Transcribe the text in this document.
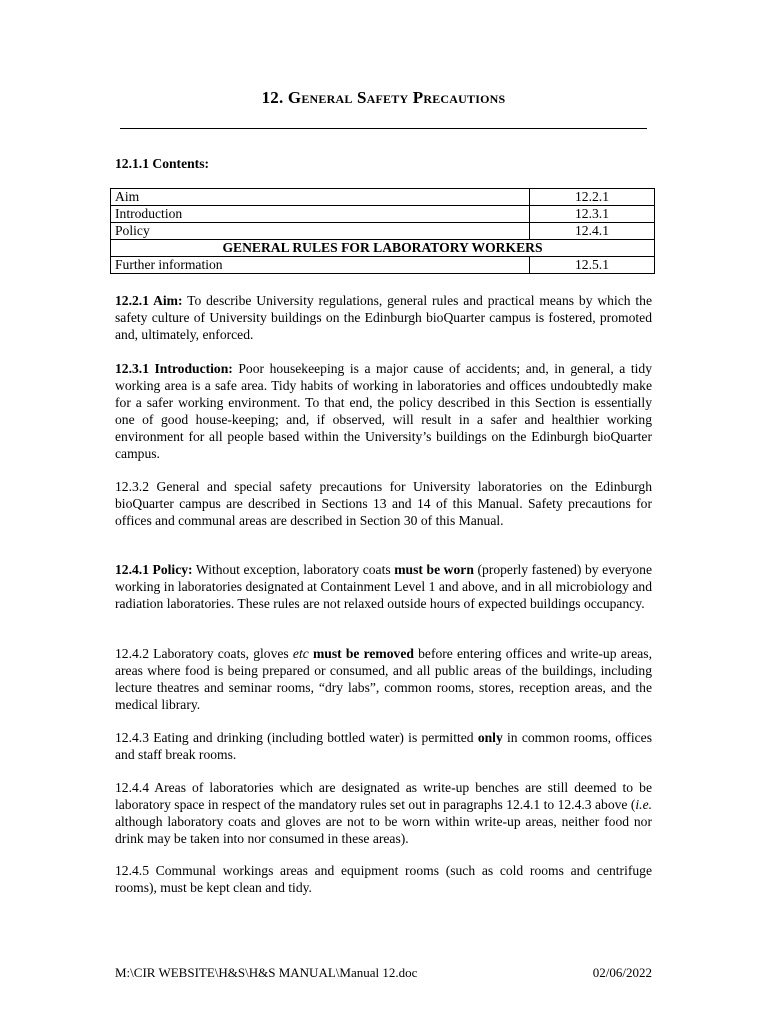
12. General Safety Precautions
12.1.1 Contents:
Aim	12.2.1
Introduction	12.3.1
Policy	12.4.1
GENERAL RULES FOR LABORATORY WORKERS	
Further information	12.5.1

12.2.1 Aim: To describe University regulations, general rules and practical means by which the safety culture of University buildings on the Edinburgh bioQuarter campus is fostered, promoted and, ultimately, enforced.

12.3.1 Introduction: Poor housekeeping is a major cause of accidents; and, in general, a tidy working area is a safe area. Tidy habits of working in laboratories and offices undoubtedly make for a safer working environment. To that end, the policy described in this Section is essentially one of good house-keeping; and, if observed, will result in a safer and healthier working environment for all people based within the University’s buildings on the Edinburgh bioQuarter campus.

12.3.2 General and special safety precautions for University laboratories on the Edinburgh bioQuarter campus are described in Sections 13 and 14 of this Manual. Safety precautions for offices and communal areas are described in Section 30 of this Manual.

12.4.1 Policy: Without exception, laboratory coats must be worn (properly fastened) by everyone working in laboratories designated at Containment Level 1 and above, and in all microbiology and radiation laboratories. These rules are not relaxed outside hours of expected buildings occupancy.

12.4.2 Laboratory coats, gloves etc must be removed before entering offices and write-up areas, areas where food is being prepared or consumed, and all public areas of the buildings, including lecture theatres and seminar rooms, “dry labs”, common rooms, stores, reception areas, and the medical library.

12.4.3 Eating and drinking (including bottled water) is permitted only in common rooms, offices and staff break rooms.

12.4.4 Areas of laboratories which are designated as write-up benches are still deemed to be laboratory space in respect of the mandatory rules set out in paragraphs 12.4.1 to 12.4.3 above (i.e. although laboratory coats and gloves are not to be worn within write-up areas, neither food nor drink may be taken into nor consumed in these areas).

12.4.5 Communal workings areas and equipment rooms (such as cold rooms and centrifuge rooms), must be kept clean and tidy.

M:\CIR WEBSITE\H&S\H&S MANUAL\Manual 12.doc	02/06/2022
